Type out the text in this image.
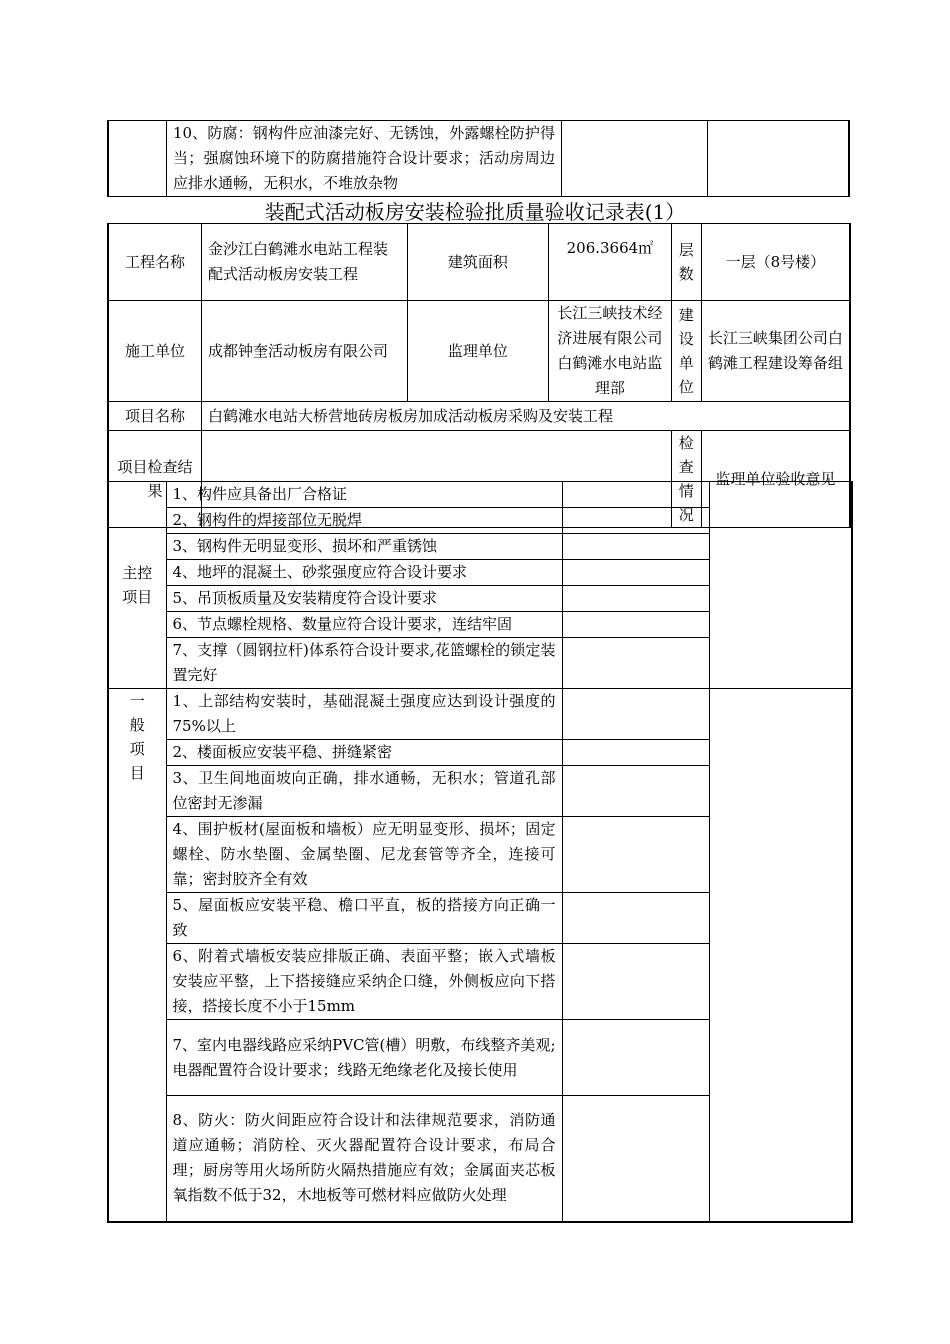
10、防腐：钢构件应油漆完好、无锈蚀，外露螺栓防护得当；强腐蚀环境下的防腐措施符合设计要求；活动房周边应排水通畅，无积水，不堆放杂物

装配式活动板房安装检验批质量验收记录表(1）
工程名称	金沙江白鹤滩水电站工程装配式活动板房安装工程	建筑面积	206.3664㎡	层 数	一层（8号楼）
施工单位	成都钟奎活动板房有限公司	监理单位	长江三峡技术经济进展有限公司白鹤滩水电站监理部	建设单位	长江三峡集团公司白鹤滩工程建设筹备组
项目名称	白鹤滩水电站大桥营地砖房板房加成活动板房采购及安装工程				
项目检查结果				检查情况	监理单位验收意见
主控项目	1、构件应具备出厂合格证		
	2、钢构件的焊接部位无脱焊		
	3、钢构件无明显变形、损坏和严重锈蚀		
	4、地坪的混凝土、砂浆强度应符合设计要求		
	5、吊顶板质量及安装精度符合设计要求		
	6、节点螺栓规格、数量应符合设计要求，连结牢固		
	7、支撑（圆钢拉杆)体系符合设计要求,花篮螺栓的锁定装置完好		

一般项目	1、上部结构安装时，基础混凝土强度应达到设计强度的75%以上		
	2、楼面板应安装平稳、拼缝紧密		
	3、卫生间地面坡向正确，排水通畅，无积水；管道孔部位密封无渗漏		
	4、围护板材(屋面板和墙板）应无明显变形、损坏；固定螺栓、防水垫圈、金属垫圈、尼龙套管等齐全，连接可靠；密封胶齐全有效		
	5、屋面板应安装平稳、檐口平直，板的搭接方向正确一致		
	6、附着式墙板安装应排版正确、表面平整；嵌入式墙板安装应平整，上下搭接缝应采纳企口缝，外侧板应向下搭接，搭接长度不小于15mm		
	7、室内电器线路应采纳PVC管(槽）明敷，布线整齐美观;电器配置符合设计要求；线路无绝缘老化及接长使用		
	8、防火：防火间距应符合设计和法律规范要求，消防通道应通畅；消防栓、灭火器配置符合设计要求，布局合理；厨房等用火场所防火隔热措施应有效；金属面夹芯板氧指数不低于32，木地板等可燃材料应做防火处理		
